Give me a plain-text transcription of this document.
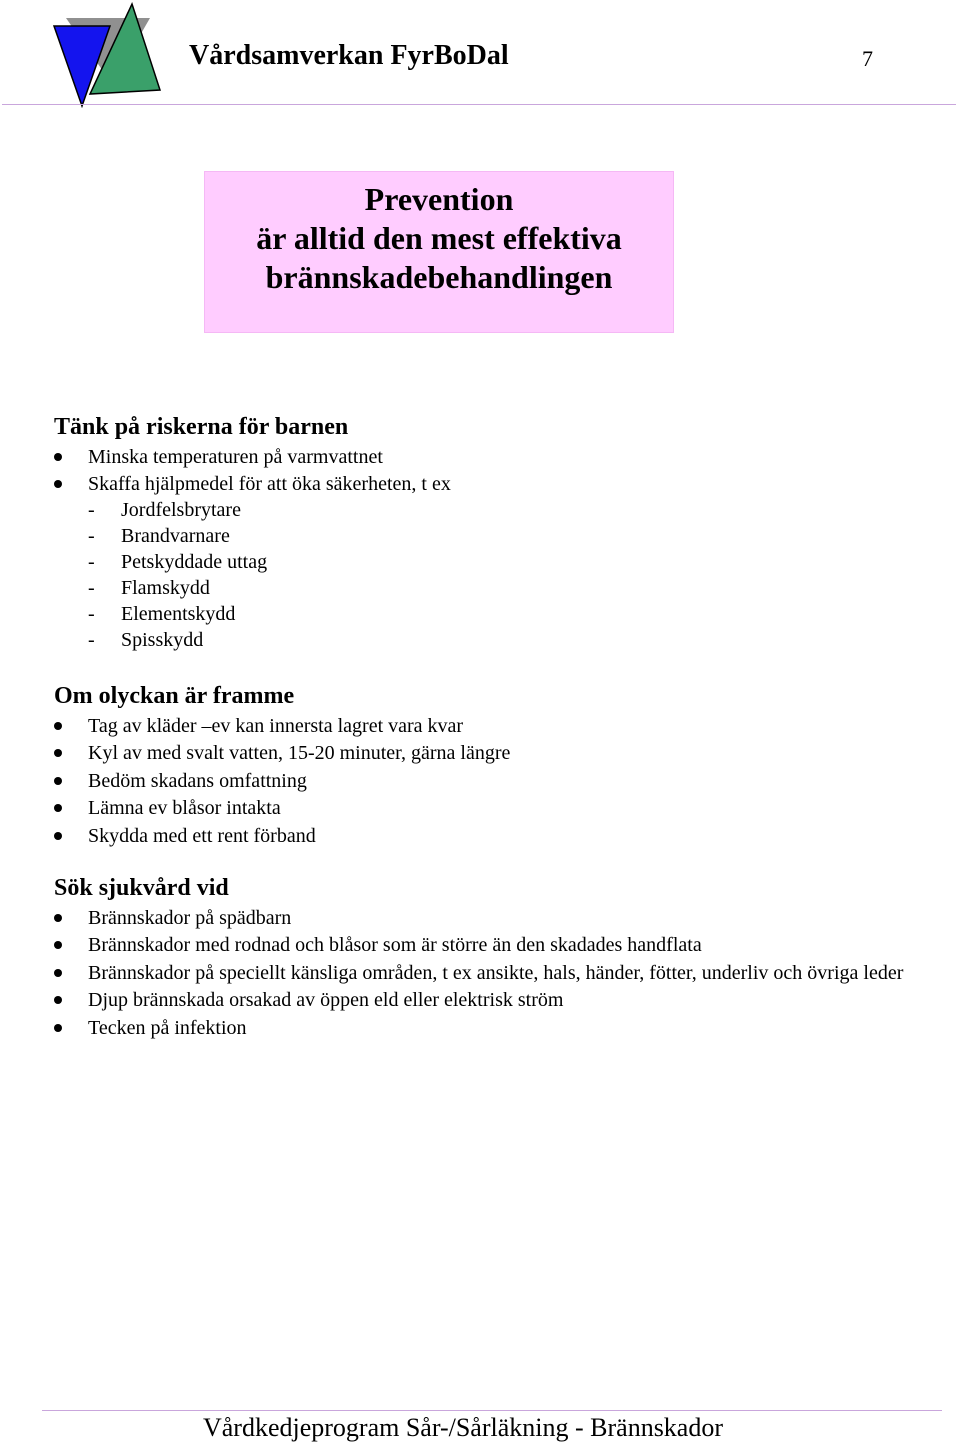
Vårdsamverkan FyrBoDal	7
Prevention
är alltid den mest effektiva
brännskadebehandlingen
Tänk på riskerna för barnen
Minska temperaturen på varmvattnet
Skaffa hjälpmedel för att öka säkerheten, t ex
- Jordfelsbrytare
- Brandvarnare
- Petskyddade uttag
- Flamskydd
- Elementskydd
- Spisskydd
Om olyckan är framme
Tag av kläder –ev kan innersta lagret vara kvar
Kyl av med svalt vatten, 15-20 minuter, gärna längre
Bedöm skadans omfattning
Lämna ev blåsor intakta
Skydda med ett rent förband
Sök sjukvård vid
Brännskador på spädbarn
Brännskador med rodnad och blåsor som är större än den skadades handflata
Brännskador på speciellt känsliga områden, t ex ansikte, hals, händer, fötter, underliv och övriga leder
Djup brännskada orsakad av öppen eld eller elektrisk ström
Tecken på infektion
Vårdkedjeprogram Sår-/Sårläkning - Brännskador
